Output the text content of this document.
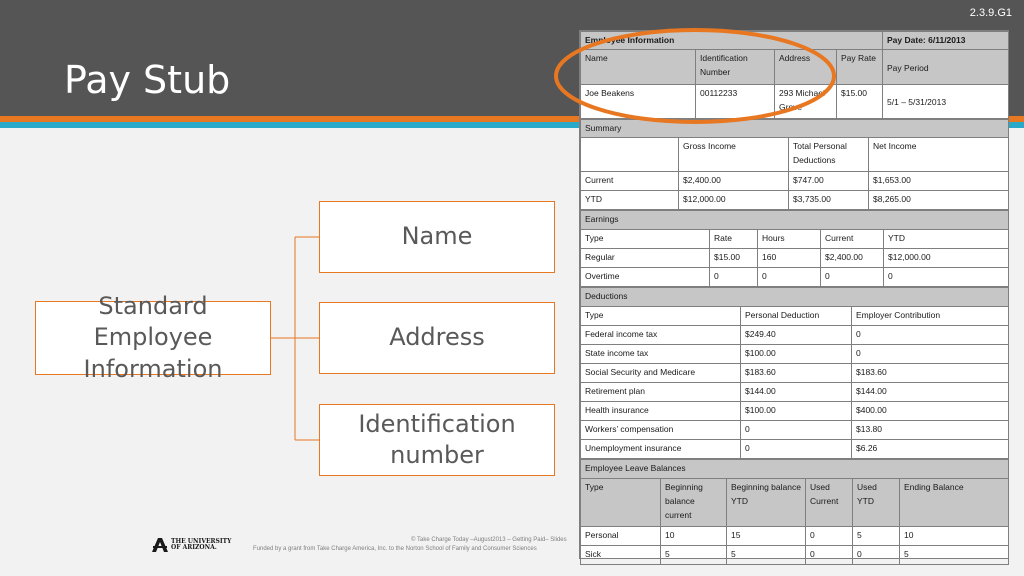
2.3.9.G1
Pay Stub
Standard Employee Information
Name
Address
Identification number
THE UNIVERSITY
OF ARIZONA.
© Take Charge Today –August2013 – Getting Paid– Slides
Funded by a grant from Take Charge America, Inc. to the Norton School of Family and Consumer Sciences
Employee Information				Pay Date: 6/11/2013
Name	Identification Number	Address	Pay Rate	Pay Period
Joe Beakens	00112233	293 Michael Grove	$15.00	5/1 – 5/31/2013
Summary			
	Gross Income	Total Personal Deductions	Net Income
Current	$2,400.00	$747.00	$1,653.00
YTD	$12,000.00	$3,735.00	$8,265.00
Earnings				
Type	Rate	Hours	Current	YTD
Regular	$15.00	160	$2,400.00	$12,000.00
Overtime	0	0	0	0
Deductions		
Type	Personal Deduction	Employer Contribution
Federal income tax	$249.40	0
State income tax	$100.00	0
Social Security and Medicare	$183.60	$183.60
Retirement plan	$144.00	$144.00
Health insurance	$100.00	$400.00
Workers’ compensation	0	$13.80
Unemployment insurance	0	$6.26
Employee Leave Balances					
Type	Beginning balance current	Beginning balance YTD	Used Current	Used YTD	Ending Balance
Personal	10	15	0	5	10
Sick	5	5	0	0	5
